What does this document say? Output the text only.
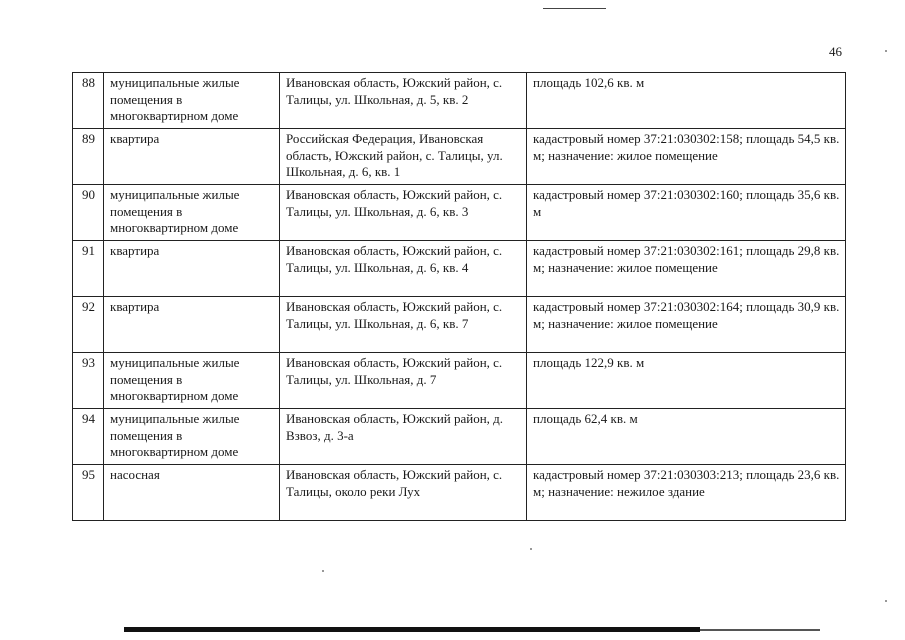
46
88	муниципальные жилые помещения в многоквартирном доме	Ивановская область, Южский район, с. Талицы, ул. Школьная, д. 5, кв. 2	площадь 102,6 кв. м
89	квартира	Российская Федерация, Ивановская область, Южский район, с. Талицы, ул. Школьная, д. 6, кв. 1	кадастровый номер 37:21:030302:158; площадь 54,5 кв. м; назначение: жилое помещение
90	муниципальные жилые помещения в многоквартирном доме	Ивановская область, Южский район, с. Талицы, ул. Школьная, д. 6, кв. 3	кадастровый номер 37:21:030302:160; площадь 35,6 кв. м
91	квартира	Ивановская область, Южский район, с. Талицы, ул. Школьная, д. 6, кв. 4	кадастровый номер 37:21:030302:161; площадь 29,8 кв. м; назначение: жилое помещение
92	квартира	Ивановская область, Южский район, с. Талицы, ул. Школьная, д. 6, кв. 7	кадастровый номер 37:21:030302:164; площадь 30,9 кв. м; назначение: жилое помещение
93	муниципальные жилые помещения в многоквартирном доме	Ивановская область, Южский район, с. Талицы, ул. Школьная, д. 7	площадь 122,9 кв. м
94	муниципальные жилые помещения в многоквартирном доме	Ивановская область, Южский район, д. Взвоз, д. 3-а	площадь 62,4 кв. м
95	насосная	Ивановская область, Южский район, с. Талицы, около реки Лух	кадастровый номер 37:21:030303:213; площадь 23,6 кв. м; назначение: нежилое здание
